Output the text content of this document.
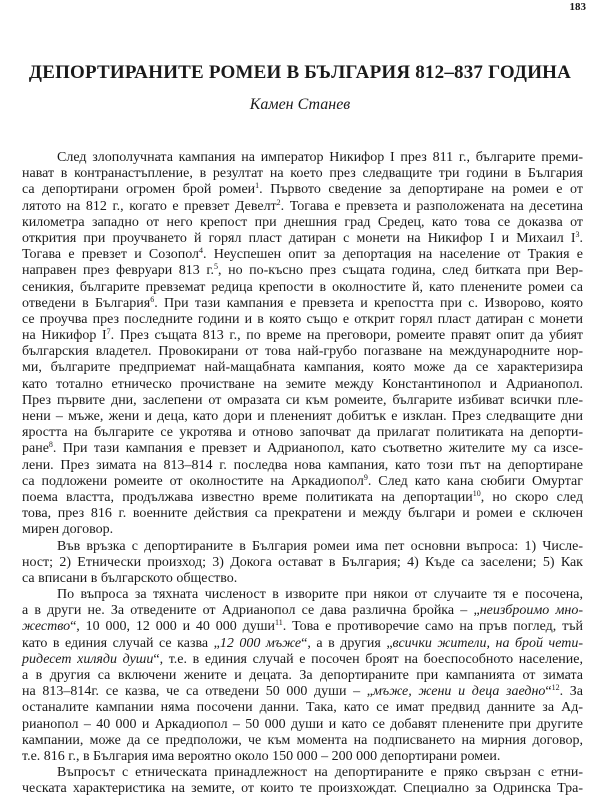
183
ДЕПОРТИРАНИТЕ РОМЕИ В БЪЛГАРИЯ 812–837 ГОДИНА
Камен Станев
След злополучната кампания на император Никифор I през 811 г., българите преми-
нават в контранастъпление, в резултат на което през следващите три години в България
са депортирани огромен брой ромеи$^1$. Първото сведение за депортиране на ромеи е от
лятото на 812 г., когато е превзет Девелт$^2$. Тогава е превзета и разположената на десетина
километра западно от него крепост при днешния град Средец, като това се доказва от
открития при проучването й горял пласт датиран с монети на Никифор I и Михаил $I^3$.
Тогава е превзет и Созопол$^4$. Неуспешен опит за депортация на население от Тракия е
направен през февруари 813 г.$^5$, но по-късно през същата година, след битката при Вер-
сеникия, българите превземат редица крепости в околностите й, като пленените ромеи са
отведени в България$^6$. При тази кампания е превзета и крепостта при с. Изворово, която
се проучва през последните години и в която също е открит горял пласт датиран с монети
на Никифор $I^7$. През същата 813 г., по време на преговори, ромеите правят опит да убият
българския владетел. Провокирани от това най-грубо погазване на международните нор-
ми, българите предприемат най-мащабната кампания, която може да се характеризира
като тотално етническо прочистване на земите между Константинопол и Адрианопол.
През първите дни, заслепени от омразата си към ромеите, българите избиват всички пле-
нени – мъже, жени и деца, като дори и плененият добитък е изклан. През следващите дни
яростта на българите се укротява и отново започват да прилагат политиката на депорти-
ране$^8$. При тази кампания е превзет и Адрианопол, като съответно жителите му са изсе-
лени. През зимата на 813–814 г. последва нова кампания, като този път на депортиране
са подложени ромеите от околностите на Аркадиопол$^9$. След като кана сюбиги Омуртаг
поема властта, продължава известно време политиката на депортации$^{10}$, но скоро след
това, през 816 г. военните действия са прекратени и между българи и ромеи е сключен
мирен договор.
Във връзка с депортираните в България ромеи има пет основни въпроса: 1) Числе-
ност; 2) Етнически произход; 3) Докога остават в България; 4) Къде са заселени; 5) Как
са вписани в българското общество.
По въпроса за тяхната численост в изворите при някои от случаите тя е посочена,
а в други не. За отведените от Адрианопол се дава различна бройка – „неизброимо мно-
жество“, 10 000, 12 000 и 40 000 души$^{11}$. Това е противоречие само на пръв поглед, тъй
като в единия случай се казва „12 000 мъже“, а в другия „всички жители, на брой чети-
ридесет хиляди души“, т.е. в единия случай е посочен броят на боеспособното население,
а в другия са включени жените и децата. За депортираните при кампанията от зимата
на 813–814г. се казва, че са отведени 50 000 души – „мъже, жени и деца заедно“$^{12}$. За
останалите кампании няма посочени данни. Така, като се имат предвид данните за Ад-
рианопол – 40 000 и Аркадиопол – 50 000 души и като се добавят пленените при другите
кампании, може да се предположи, че към момента на подписването на мирния договор,
т.е. 816 г., в България има вероятно около 150 000 – 200 000 депортирани ромеи.
Въпросът с етническата принадлежност на депортираните е пряко свързан с етни-
ческата характеристика на земите, от които те произхождат. Специално за Одринска Тра-
